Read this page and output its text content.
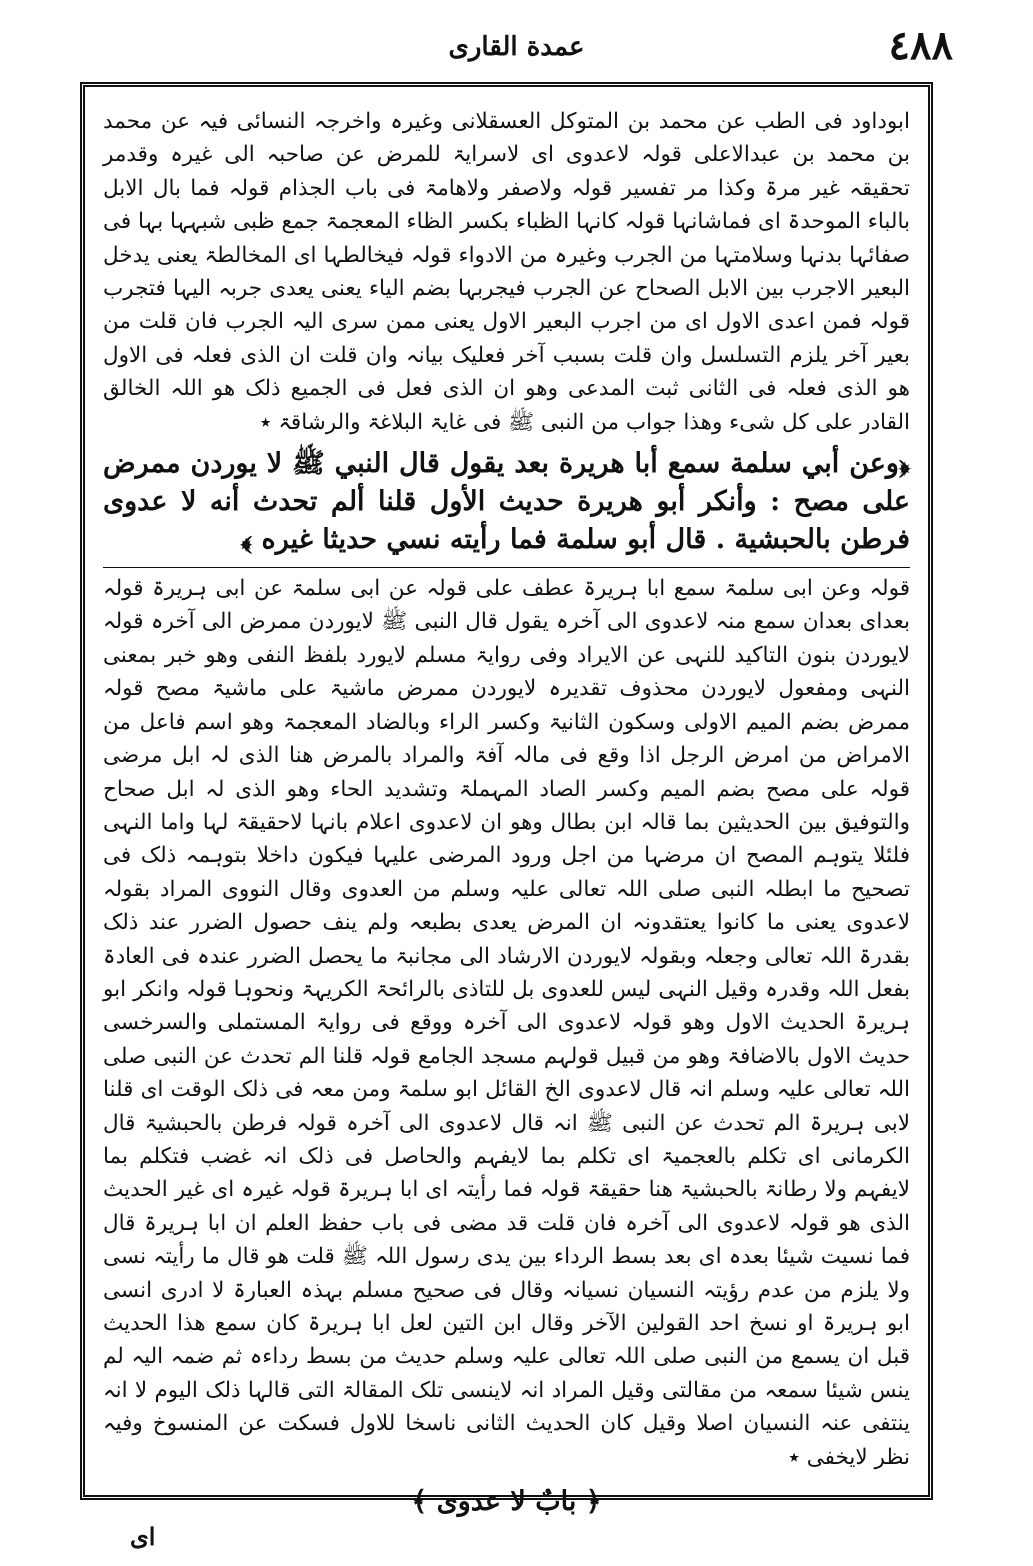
٤٨٨
عمدة القاری

ابوداود فی الطب عن محمد بن المتوکل العسقلانی وغیرہ واخرجہ النسائی فیہ عن محمد بن محمد بن عبدالاعلی قولہ لاعدوی ای لاسرایۃ للمرض عن صاحبہ الی غیرہ وقدمر تحقیقہ غیر مرۃ وکذا مر تفسیر قولہ ولاصفر ولاھامۃ فی باب الجذام قولہ فما بال الابل بالباء الموحدۃ ای فماشانہا قولہ کانہا الظباء بکسر الظاء المعجمۃ جمع ظبی شبہہا بہا فی صفائہا بدنہا وسلامتہا من الجرب وغیرہ من الادواء قولہ فیخالطہا ای المخالطۃ یعنی یدخل البعیر الاجرب بین الابل الصحاح عن الجرب فیجربہا بضم الیاء یعنی یعدی جربہ الیہا فتجرب قولہ فمن اعدی الاول ای من اجرب البعیر الاول یعنی ممن سری الیہ الجرب فان قلت من بعیر آخر یلزم التسلسل وان قلت بسبب آخر فعلیک بیانہ وان قلت ان الذی فعلہ فی الاول ھو الذی فعلہ فی الثانی ثبت المدعی وھو ان الذی فعل فی الجمیع ذلک ھو اللہ الخالق القادر علی کل شیء وھذا جواب من النبی ﷺ فی غایۃ البلاغۃ والرشاقۃ ٭

﴿وعن أبي سلمة سمع أبا هريرة بعد يقول قال النبي ﷺ لا يوردن ممرض على مصح : وأنكر أبو هريرة حديث الأول قلنا ألم تحدث أنه لا عدوى فرطن بالحبشية . قال أبو سلمة فما رأيته نسي حديثا غيره ﴾

قولہ وعن ابی سلمۃ سمع ابا ہریرۃ عطف علی قولہ عن ابی سلمۃ عن ابی ہریرۃ قولہ بعدای بعدان سمع منہ لاعدوی الی آخرہ یقول قال النبی ﷺ لایوردن ممرض الی آخرہ قولہ لایوردن بنون التاکید للنہی عن الایراد وفی روایۃ مسلم لایورد بلفظ النفی وھو خبر بمعنی النہی ومفعول لایوردن محذوف تقدیرہ لایوردن ممرض ماشیۃ علی ماشیۃ مصح قولہ ممرض بضم المیم الاولی وسکون الثانیۃ وکسر الراء وبالضاد المعجمۃ وھو اسم فاعل من الامراض من امرض الرجل اذا وقع فی مالہ آفۃ والمراد بالمرض ھنا الذی لہ ابل مرضی قولہ علی مصح بضم المیم وکسر الصاد المہملۃ وتشدید الحاء وھو الذی لہ ابل صحاح والتوفیق بین الحدیثین بما قالہ ابن بطال وھو ان لاعدوی اعلام بانہا لاحقیقۃ لہا واما النہی فلئلا یتوہم المصح ان مرضہا من اجل ورود المرضی علیہا فیکون داخلا بتوہمہ ذلک فی تصحیح ما ابطلہ النبی صلی اللہ تعالی علیہ وسلم من العدوی وقال النووی المراد بقولہ لاعدوی یعنی ما کانوا یعتقدونہ ان المرض یعدی بطبعہ ولم ینف حصول الضرر عند ذلک بقدرۃ اللہ تعالی وجعلہ وبقولہ لایوردن الارشاد الی مجانبۃ ما یحصل الضرر عندہ فی العادۃ بفعل اللہ وقدرہ وقیل النہی لیس للعدوی بل للتاذی بالرائحۃ الکریہۃ ونحوہا قولہ وانکر ابو ہریرۃ الحدیث الاول وھو قولہ لاعدوی الی آخرہ ووقع فی روایۃ المستملی والسرخسی حدیث الاول بالاضافۃ وھو من قبیل قولہم مسجد الجامع قولہ قلنا الم تحدث عن النبی صلی اللہ تعالی علیہ وسلم انہ قال لاعدوی الخ القائل ابو سلمۃ ومن معہ فی ذلک الوقت ای قلنا لابی ہریرۃ الم تحدث عن النبی ﷺ انہ قال لاعدوی الی آخرہ قولہ فرطن بالحبشیۃ قال الکرمانی ای تکلم بالعجمیۃ ای تکلم بما لایفہم والحاصل فی ذلک انہ غضب فتکلم بما لایفہم ولا رطانۃ بالحبشیۃ ھنا حقیقۃ قولہ فما رأیتہ ای ابا ہریرۃ قولہ غیرہ ای غیر الحدیث الذی ھو قولہ لاعدوی الی آخرہ فان قلت قد مضی فی باب حفظ العلم ان ابا ہریرۃ قال فما نسیت شیئا بعدہ ای بعد بسط الرداء بین یدی رسول اللہ ﷺ قلت ھو قال ما رأیتہ نسی ولا یلزم من عدم رؤیتہ النسیان نسیانہ وقال فی صحیح مسلم بہذہ العبارۃ لا ادری انسی ابو ہریرۃ او نسخ احد القولین الآخر وقال ابن التین لعل ابا ہریرۃ کان سمع ھذا الحدیث قبل ان یسمع من النبی صلی اللہ تعالی علیہ وسلم حدیث من بسط رداءہ ثم ضمہ الیہ لم ینس شیئا سمعہ من مقالتی وقیل المراد انہ لاینسی تلک المقالۃ التی قالہا ذلک الیوم لا انہ ینتفی عنہ النسیان اصلا وقیل کان الحدیث الثانی ناسخا للاول فسکت عن المنسوخ وفیہ نظر لایخفی ٭

﴿ بابٌ لا عدوى ﴾
ای
